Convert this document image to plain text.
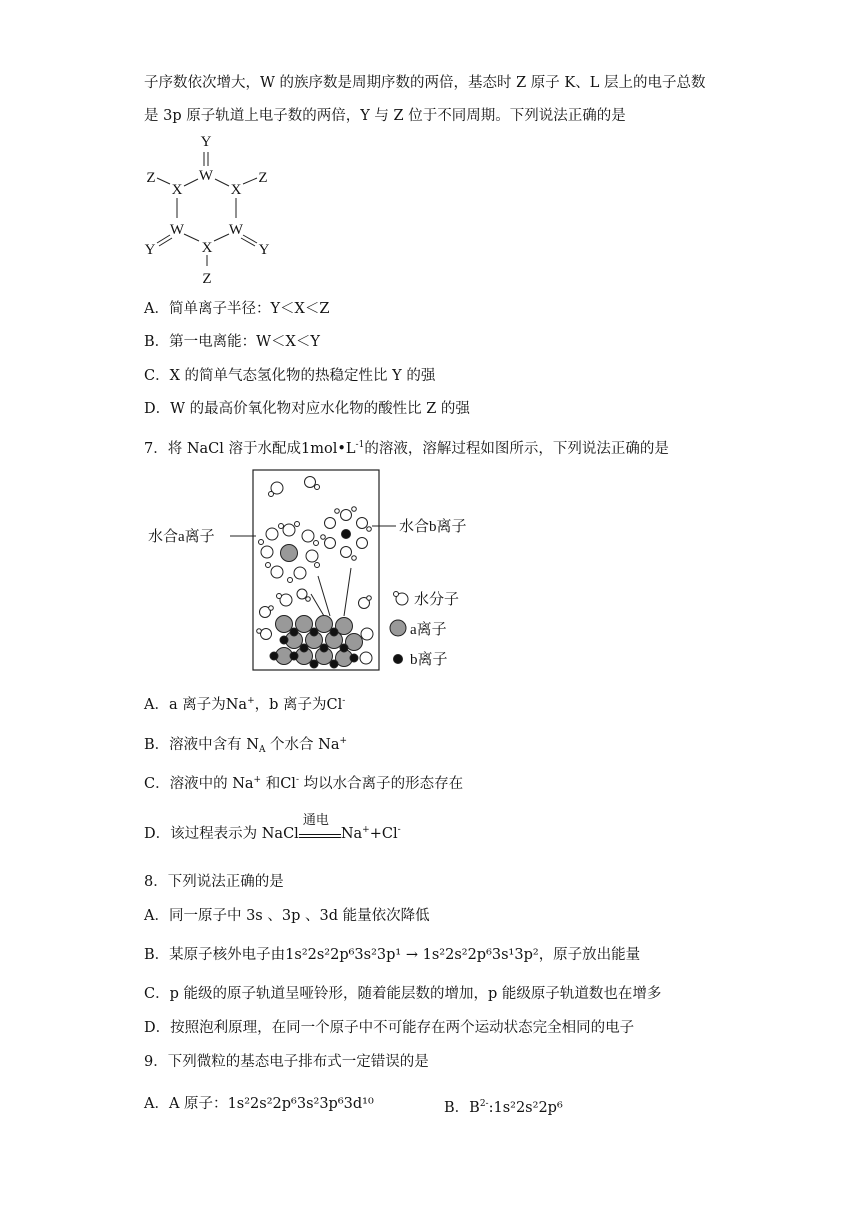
子序数依次增大，W 的族序数是周期序数的两倍，基态时 Z 原子 K、L 层上的电子总数
是 3p 原子轨道上电子数的两倍，Y 与 Z 位于不同周期。下列说法正确的是
Y
W
Z
X	X
Z
W	W
Y	Y
X
Z
A．简单离子半径：Y＜X＜Z
B．第一电离能：W＜X＜Y
C．X 的简单气态氢化物的热稳定性比 Y 的强
D．W 的最高价氧化物对应水化物的酸性比 Z 的强
7．将 NaCl 溶于水配成$1mol•L^{-1}$的溶液，溶解过程如图所示，下列说法正确的是
水合a离子
水合b离子
水分子
a离子
b离子
A．a 离子为Na+，b 离子为Cl-
B．溶液中含有 $N_A$ 个水合 Na+
C．溶液中的 Na+ 和Cl- 均以水合离子的形态存在
D．该过程表示为 NaCl
通电
Na++Cl-
8．下列说法正确的是
A．同一原子中 3s 、3p 、3d 能量依次降低
B．某原子核外电子由1s²2s²2p⁶3s²3p¹ → 1s²2s²2p⁶3s¹3p²，原子放出能量
C．p 能级的原子轨道呈哑铃形，随着能层数的增加，p 能级原子轨道数也在增多
D．按照泡利原理，在同一个原子中不可能存在两个运动状态完全相同的电子
9．下列微粒的基态电子排布式一定错误的是
A．A 原子：1s²2s²2p⁶3s²3p⁶3d¹⁰	B．$B^{2-}:1s^22s^22p^6$
